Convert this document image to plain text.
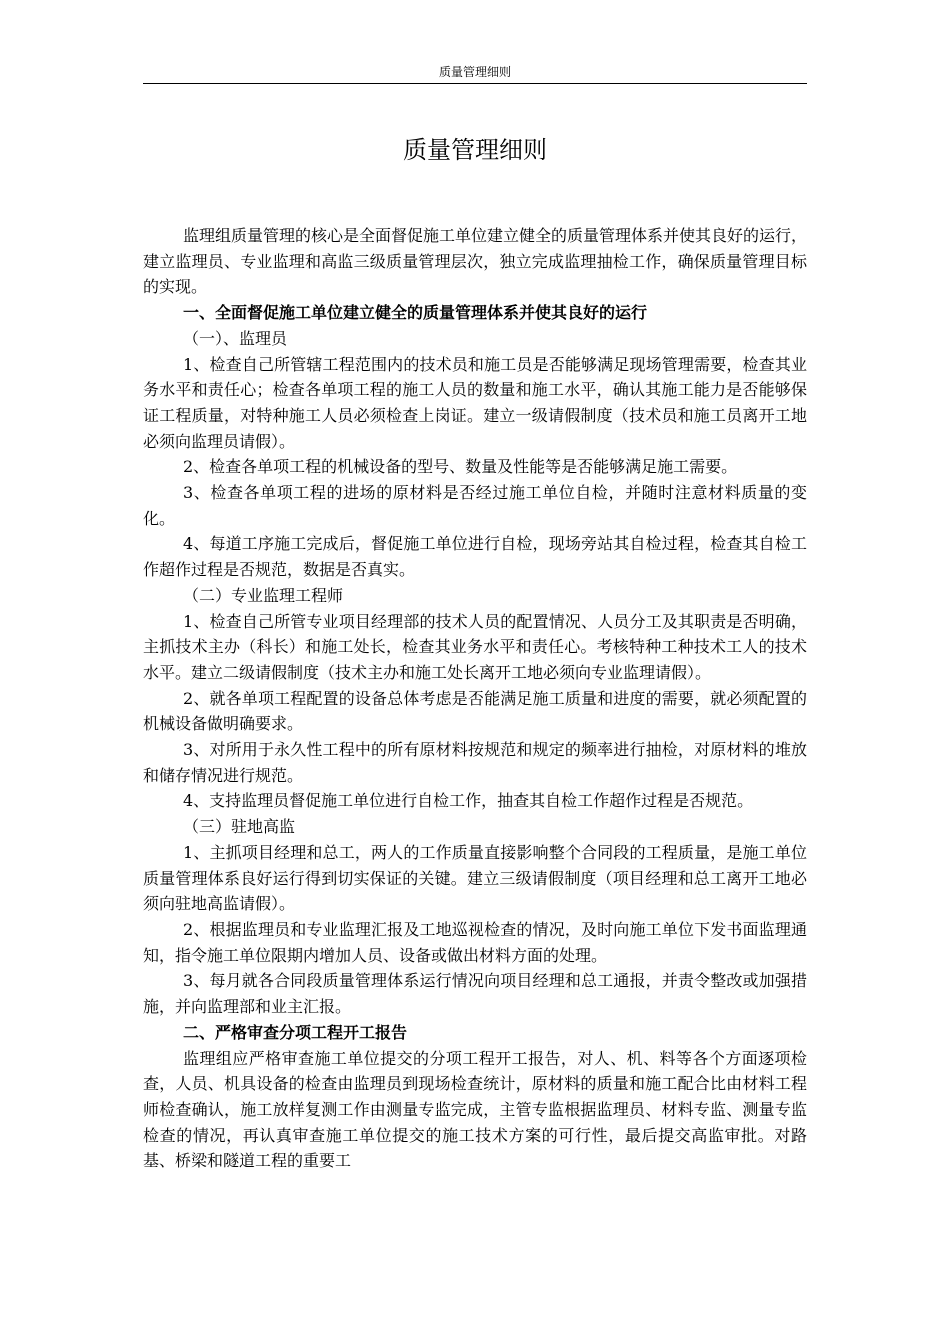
质量管理细则
质量管理细则

监理组质量管理的核心是全面督促施工单位建立健全的质量管理体系并使其良好的运行，建立监理员、专业监理和高监三级质量管理层次，独立完成监理抽检工作，确保质量管理目标的实现。

一、全面督促施工单位建立健全的质量管理体系并使其良好的运行

（一）、监理员

1、检查自己所管辖工程范围内的技术员和施工员是否能够满足现场管理需要，检查其业务水平和责任心；检查各单项工程的施工人员的数量和施工水平，确认其施工能力是否能够保证工程质量，对特种施工人员必须检查上岗证。建立一级请假制度（技术员和施工员离开工地必须向监理员请假）。

2、检查各单项工程的机械设备的型号、数量及性能等是否能够满足施工需要。

3、检查各单项工程的进场的原材料是否经过施工单位自检，并随时注意材料质量的变化。

4、每道工序施工完成后，督促施工单位进行自检，现场旁站其自检过程，检查其自检工作超作过程是否规范，数据是否真实。

（二）专业监理工程师

1、检查自己所管专业项目经理部的技术人员的配置情况、人员分工及其职责是否明确，主抓技术主办（科长）和施工处长，检查其业务水平和责任心。考核特种工种技术工人的技术水平。建立二级请假制度（技术主办和施工处长离开工地必须向专业监理请假）。

2、就各单项工程配置的设备总体考虑是否能满足施工质量和进度的需要，就必须配置的机械设备做明确要求。

3、对所用于永久性工程中的所有原材料按规范和规定的频率进行抽检，对原材料的堆放和储存情况进行规范。

4、支持监理员督促施工单位进行自检工作，抽查其自检工作超作过程是否规范。

（三）驻地高监

1、主抓项目经理和总工，两人的工作质量直接影响整个合同段的工程质量，是施工单位质量管理体系良好运行得到切实保证的关键。建立三级请假制度（项目经理和总工离开工地必须向驻地高监请假）。

2、根据监理员和专业监理汇报及工地巡视检查的情况，及时向施工单位下发书面监理通知，指令施工单位限期内增加人员、设备或做出材料方面的处理。

3、每月就各合同段质量管理体系运行情况向项目经理和总工通报，并责令整改或加强措施，并向监理部和业主汇报。

二、严格审查分项工程开工报告

监理组应严格审查施工单位提交的分项工程开工报告，对人、机、料等各个方面逐项检查，人员、机具设备的检查由监理员到现场检查统计，原材料的质量和施工配合比由材料工程师检查确认，施工放样复测工作由测量专监完成，主管专监根据监理员、材料专监、测量专监检查的情况，再认真审查施工单位提交的施工技术方案的可行性，最后提交高监审批。对路基、桥梁和隧道工程的重要工
